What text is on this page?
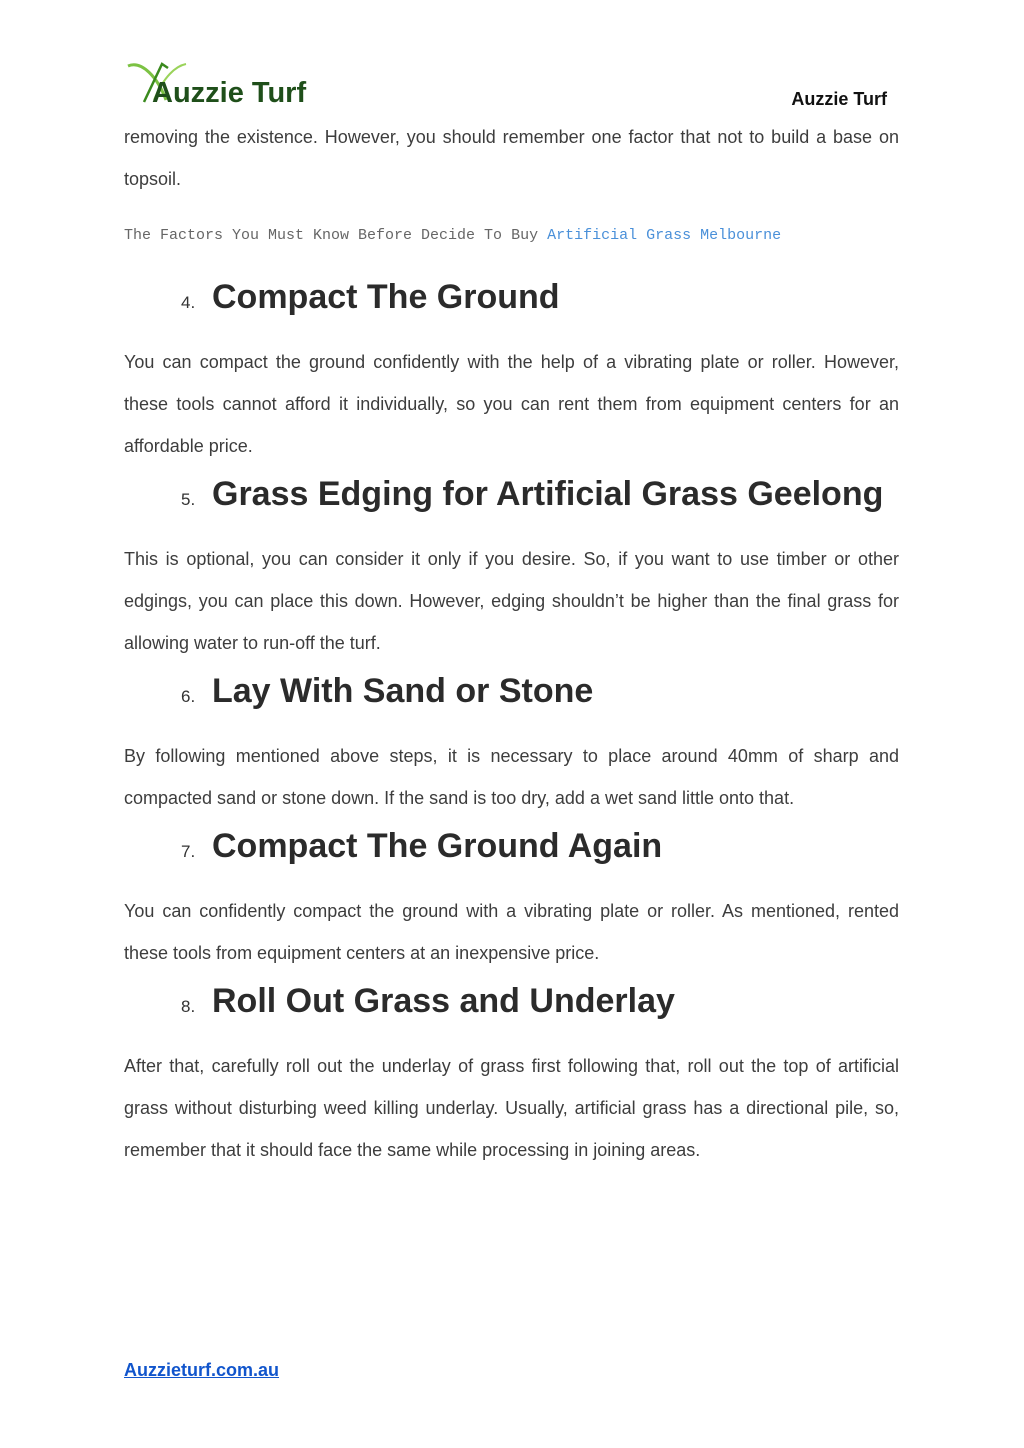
Auzzie Turf	Auzzie Turf

removing the existence. However, you should remember one factor that not to build a base on topsoil.

The Factors You Must Know Before Decide To Buy Artificial Grass Melbourne
4. Compact The Ground

You can compact the ground confidently with the help of a vibrating plate or roller. However, these tools cannot afford it individually, so you can rent them from equipment centers for an affordable price.

5. Grass Edging for Artificial Grass Geelong

This is optional, you can consider it only if you desire. So, if you want to use timber or other edgings, you can place this down. However, edging shouldn’t be higher than the final grass for allowing water to run-off the turf.

6. Lay With Sand or Stone

By following mentioned above steps, it is necessary to place around 40mm of sharp and compacted sand or stone down. If the sand is too dry, add a wet sand little onto that.

7. Compact The Ground Again

You can confidently compact the ground with a vibrating plate or roller. As mentioned, rented these tools from equipment centers at an inexpensive price.

8. Roll Out Grass and Underlay

After that, carefully roll out the underlay of grass first following that, roll out the top of artificial grass without disturbing weed killing underlay. Usually, artificial grass has a directional pile, so, remember that it should face the same while processing in joining areas.

Auzzieturf.com.au
